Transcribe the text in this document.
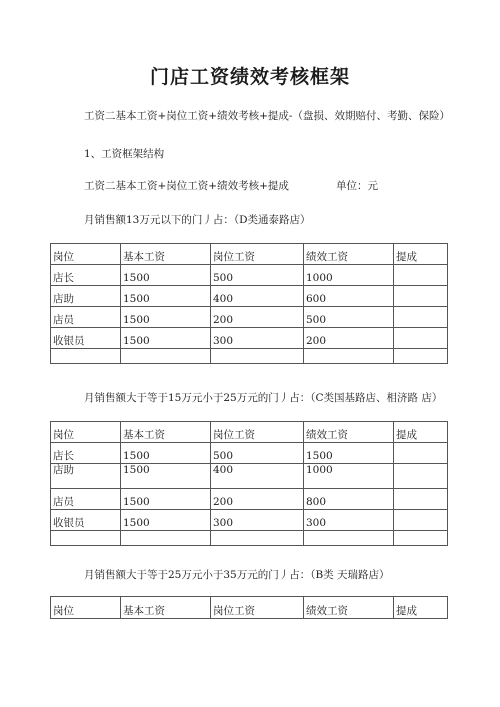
门店工资绩效考核框架
工资二基本工资+岗位工资+绩效考核+提成-（盘损、效期赔付、考勤、保险）
1、工资框架结构
工资二基本工资+岗位工资+绩效考核+提成	单位：元
月销售额13万元以下的门丿占：（D类通泰路店）
岗位	基本工资	岗位工资	绩效工资	提成
店长	1500	500	1000	
店助	1500	400	600	
店员	1500	200	500	
收银员	1500	300	200	

月销售额大于等于15万元小于25万元的门丿占：（C类国基路店、相济路 店）
岗位	基本工资	岗位工资	绩效工资	提成
店长	1500	500	1500	
店助	1500	400	1000	
店员	1500	200	800	
收银员	1500	300	300	

月销售额大于等于25万元小于35万元的门丿占：（B类 天瑞路店）
岗位	基本工资	岗位工资	绩效工资	提成
